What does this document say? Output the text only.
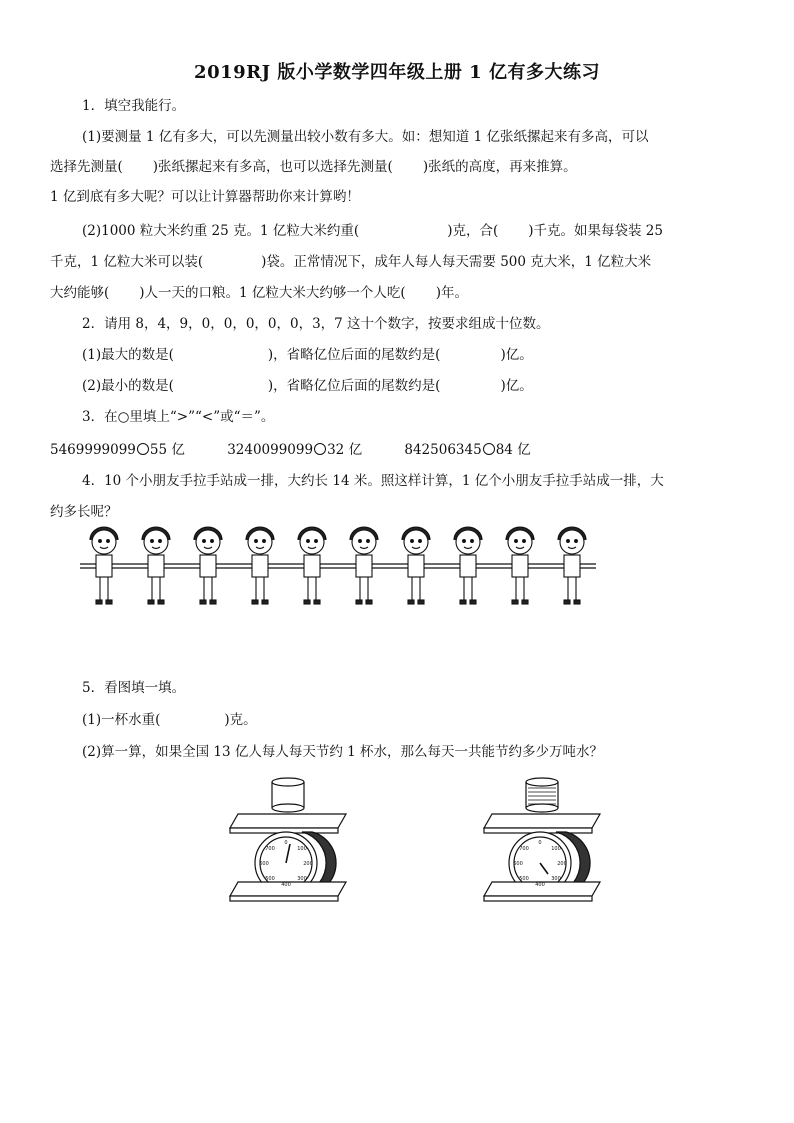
2019RJ 版小学数学四年级上册 1 亿有多大练习
1．填空我能行。
(1)要测量 1 亿有多大，可以先测量出较小数有多大。如：想知道 1 亿张纸摞起来有多高，可以
选择先测量( )张纸摞起来有多高，也可以选择先测量( )张纸的高度，再来推算。
1 亿到底有多大呢？可以让计算器帮助你来计算哟！
(2)1000 粒大米约重 25 克。1 亿粒大米约重(	)克，合( )千克。如果每袋装 25
千克，1 亿粒大米可以装(	)袋。正常情况下，成年人每人每天需要 500 克大米，1 亿粒大米
大约能够( )人一天的口粮。1 亿粒大米大约够一个人吃( )年。
2．请用 8，4，9，0，0，0，0，0，3，7 这十个数字，按要求组成十位数。
(1)最大的数是(	)，省略亿位后面的尾数约是(	)亿。
(2)最小的数是(	)，省略亿位后面的尾数约是(	)亿。
3．在○里填上“>”“<”或“＝”。
5469999099 55 亿	3240099099 32 亿	842506345 84 亿
4．10 个小朋友手拉手站成一排，大约长 14 米。照这样计算，1 亿个小朋友手拉手站成一排，大
约多长呢？
5．看图填一填。
(1)一杯水重(	)克。
(2)算一算，如果全国 13 亿人每人每天节约 1 杯水，那么每天一共能节约多少万吨水？
0
100
200
300
400
500
600
700
0
100
200
300
400
500
600
700
